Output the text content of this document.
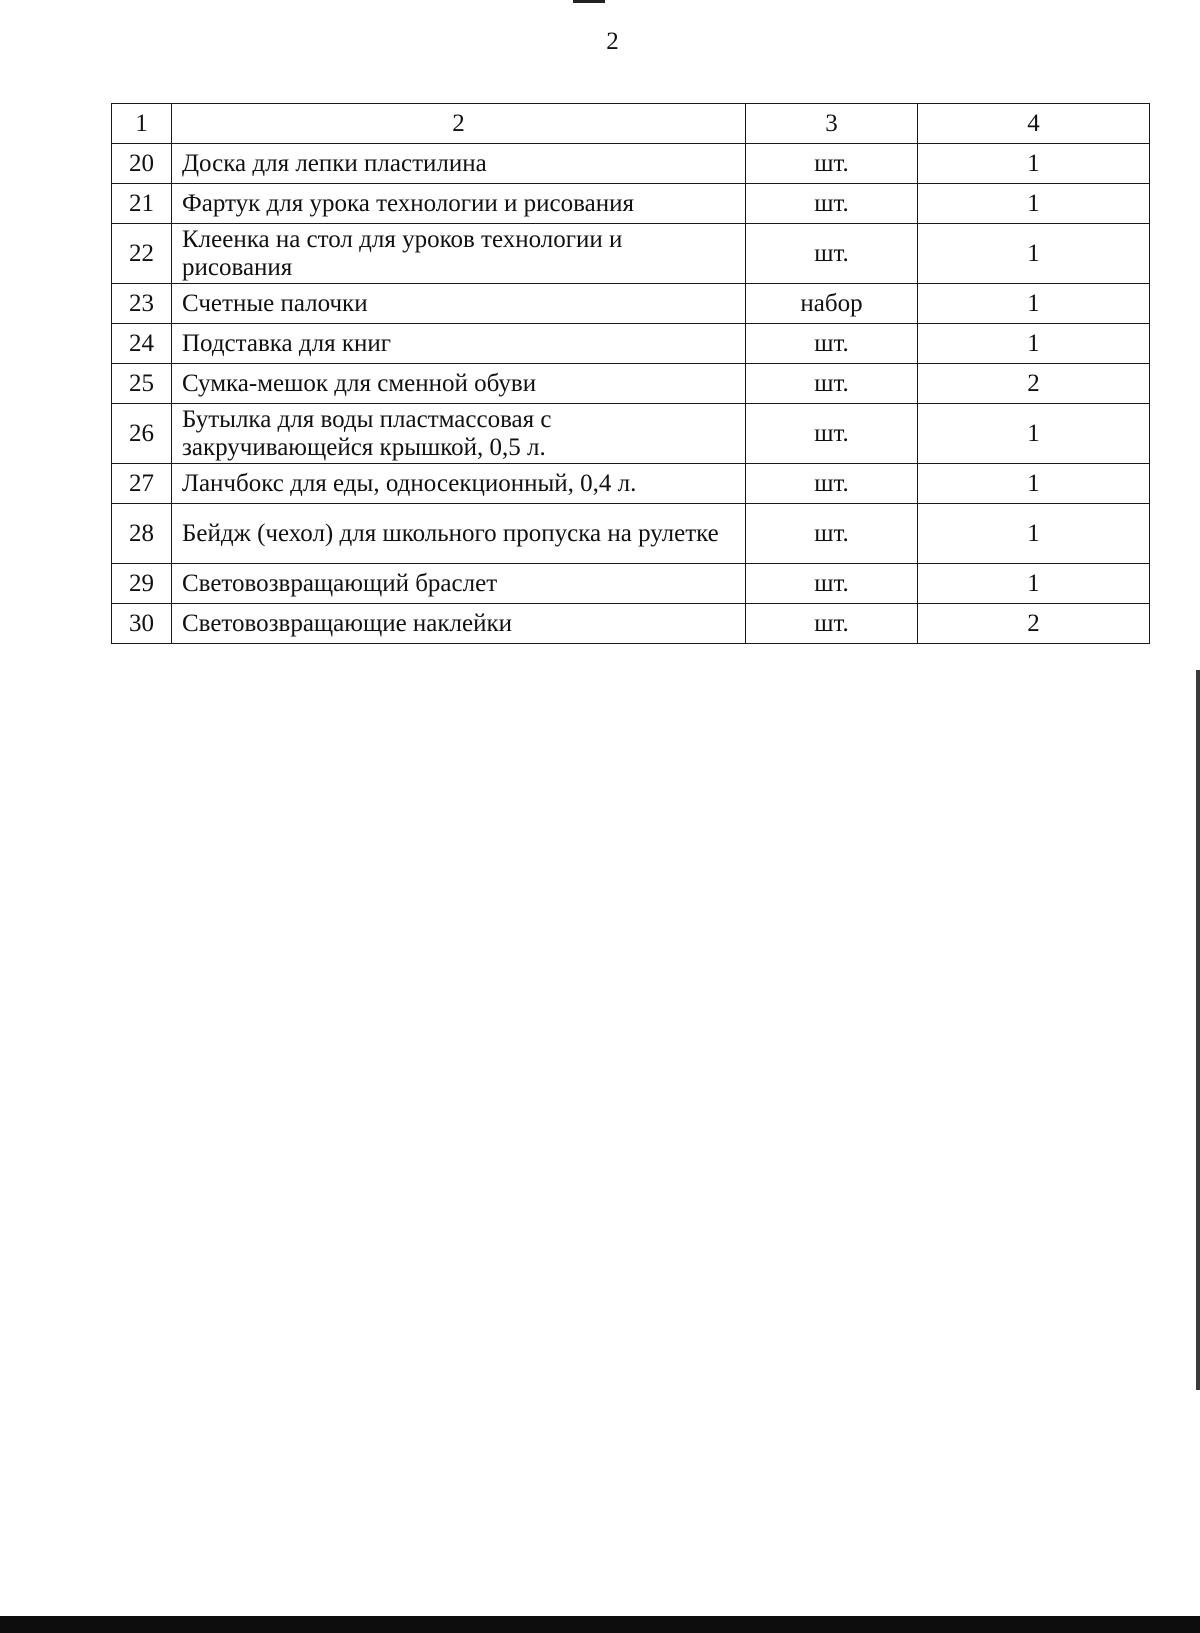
2
1	2	3	4
20	Доска для лепки пластилина	шт.	1
21	Фартук для урока технологии и рисования	шт.	1
22	Клеенка на стол для уроков технологии и рисования	шт.	1
23	Счетные палочки	набор	1
24	Подставка для книг	шт.	1
25	Сумка-мешок для сменной обуви	шт.	2
26	Бутылка для воды пластмассовая с закручивающейся крышкой, 0,5 л.	шт.	1
27	Ланчбокс для еды, односекционный, 0,4 л.	шт.	1
28	Бейдж (чехол) для школьного пропуска на рулетке	шт.	1
29	Световозвращающий браслет	шт.	1
30	Световозвращающие наклейки	шт.	2
